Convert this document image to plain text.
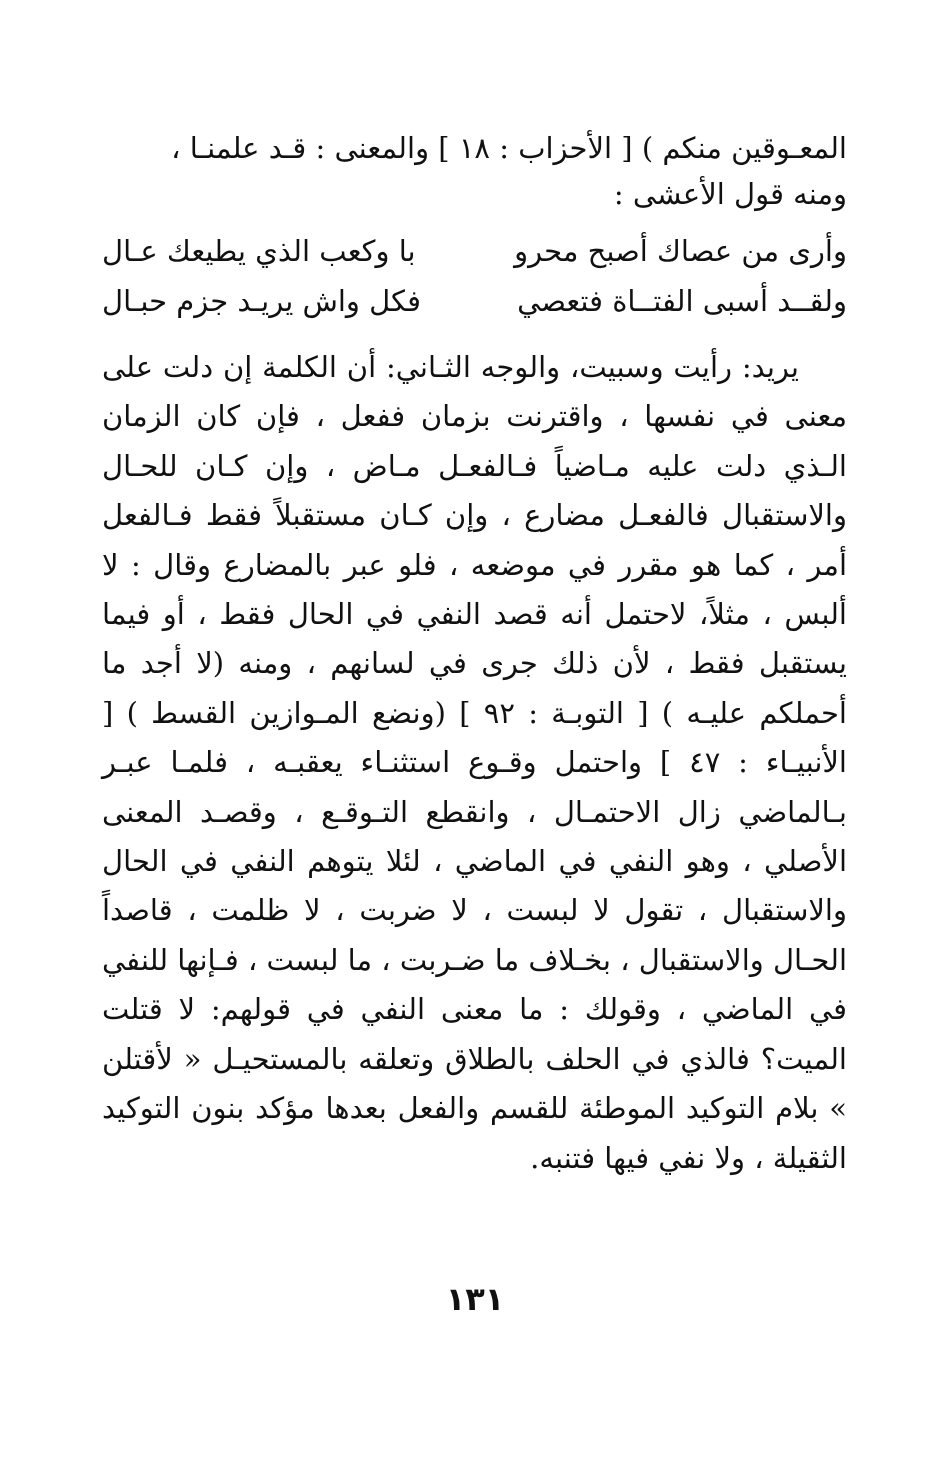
المعـوقين منكم ) [ الأحزاب : ١٨ ] والمعنى : قـد علمنـا ،
ومنه قول الأعشى :
وأرى من عصاك أصبح محرو
با وكعب الذي يطيعك عـال
ولقــد أسبى الفتــاة فتعصي
فكل واش يريـد جزم حبـال
يريد: رأيت وسبيت، والوجه الثـاني: أن الكلمة إن دلت على معنى في نفسها ، واقترنت بزمان ففعل ، فإن كان الزمان الـذي دلت عليه مـاضياً فـالفعـل مـاض ، وإن كـان للحـال والاستقبال فالفعـل مضارع ، وإن كـان مستقبلاً فقط فـالفعل أمر ، كما هو مقرر في موضعه ، فلو عبر بالمضارع وقال : لا ألبس ، مثلاً، لاحتمل أنه قصد النفي في الحال فقط ، أو فيما يستقبل فقط ، لأن ذلك جرى في لسانهم ، ومنه (لا أجد ما أحملكم عليـه ) [ التوبـة : ٩٢ ] (ونضع المـوازين القسط ) [ الأنبيـاء : ٤٧ ] واحتمل وقـوع استثنـاء يعقبـه ، فلمـا عبـر بـالماضي زال الاحتمـال ، وانقطع التـوقـع ، وقصـد المعنى الأصلي ، وهو النفي في الماضي ، لئلا يتوهم النفي في الحال والاستقبال ، تقول لا لبست ، لا ضربت ، لا ظلمت ، قاصداً الحـال والاستقبال ، بخـلاف ما ضـربت ، ما لبست ، فـإنها للنفي في الماضي ، وقولك : ما معنى النفي في قولهم: لا قتلت الميت؟ فالذي في الحلف بالطلاق وتعلقه بالمستحيـل « لأقتلن » بلام التوكيد الموطئة للقسم والفعل بعدها مؤكد بنون التوكيد الثقيلة ، ولا نفي فيها فتنبه.
١٣١
